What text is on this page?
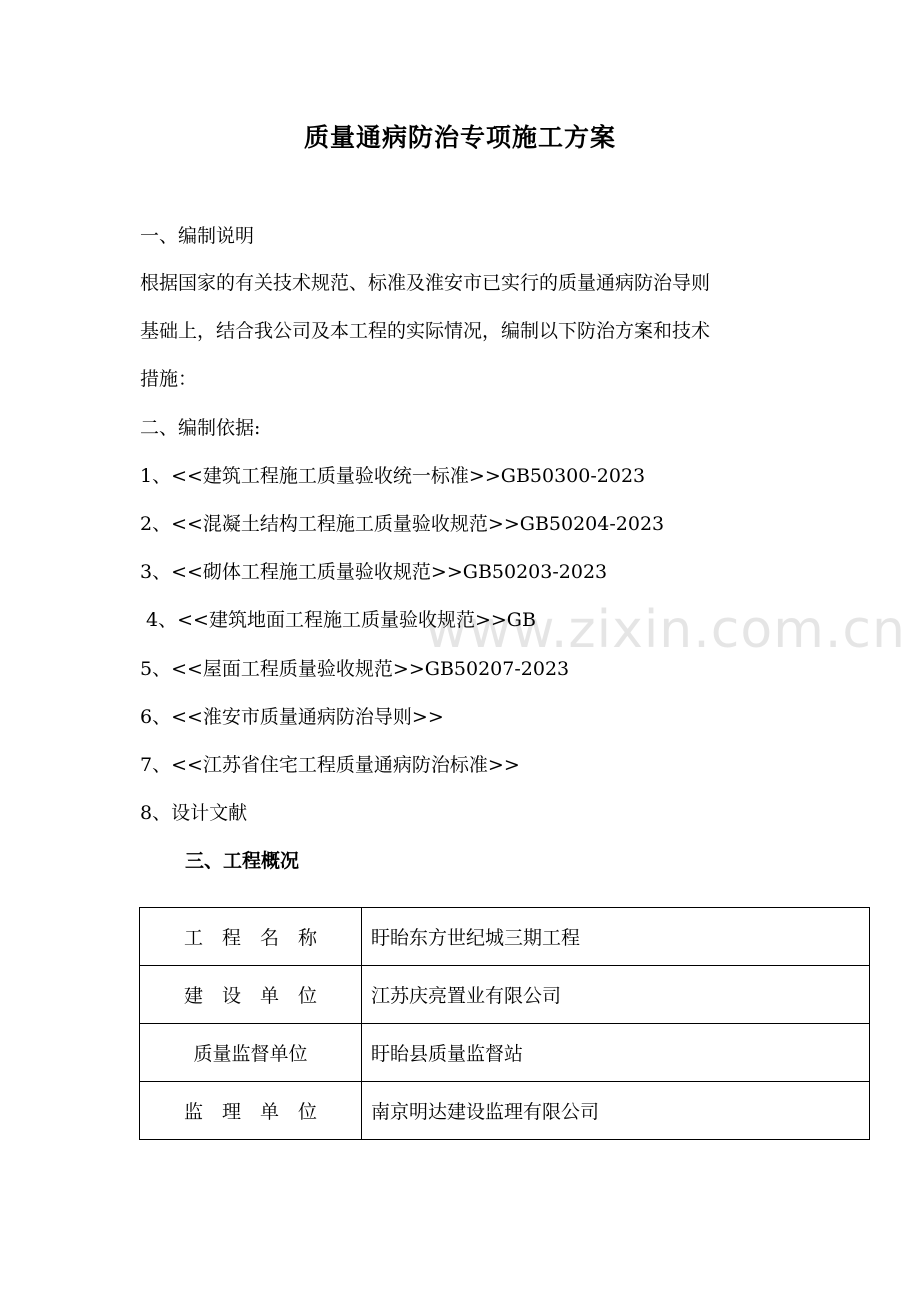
www.zixin.com.cn
质量通病防治专项施工方案
一、编制说明
根据国家的有关技术规范、标准及淮安市已实行的质量通病防治导则
基础上，结合我公司及本工程的实际情况，编制以下防治方案和技术
措施：
二、编制依据:
1、<<建筑工程施工质量验收统一标准>>GB50300-2023
2、<<混凝土结构工程施工质量验收规范>>GB50204-2023
3、<<砌体工程施工质量验收规范>>GB50203-2023
4、<<建筑地面工程施工质量验收规范>>GB
5、<<屋面工程质量验收规范>>GB50207-2023
6、<<淮安市质量通病防治导则>>
7、<<江苏省住宅工程质量通病防治标准>>
8、设计文献
三、工程概况
工　程　名　称	盱眙东方世纪城三期工程
建　设　单　位	江苏庆亮置业有限公司
质量监督单位	盱眙县质量监督站
监　理　单　位	南京明达建设监理有限公司
